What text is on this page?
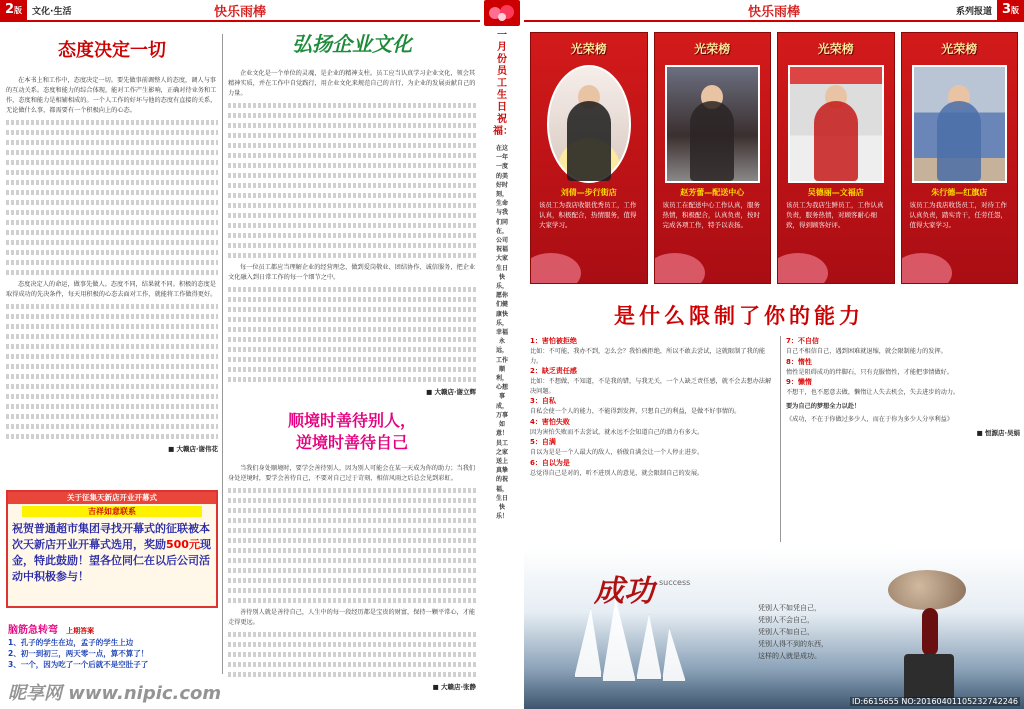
2版	文化·生活	快乐雨棒
态度决定一切

在本书上和工作中，态度决定一切。要先做事前调整人的态度，调人与事的互动关系。态度和能力的综合体现，能对工作产生影响，正确对待业务和工作，态度和能力是相辅相成的。一个人工作的好坏与他的态度有直接的关系，无论做什么事，都需要有一个积极向上的心态。

态度决定人的命运，做事先做人。态度不同，结果就不同。积极的态度是取得成功的先决条件，每天用积极的心态去面对工作，就能将工作做得更好。

■ 大赣店·谢伟花
弘扬企业文化

企业文化是一个单位的灵魂，是企业的精神支柱。员工应当认真学习企业文化，领会其精神实质，并在工作中自觉践行，用企业文化来规范自己的言行，为企业的发展贡献自己的力量。

每一位员工都应当理解企业的经营理念，做到爱岗敬业、团结协作、诚信服务，把企业文化融入到日常工作的每一个细节之中。

■ 大赣店·谢立辉
顺境时善待别人，
逆境时善待自己

当我们身处顺境时，要学会善待别人，因为别人可能会在某一天成为你的助力；当我们身处逆境时，要学会善待自己，不要对自己过于苛刻，相信风雨之后总会见到彩虹。

善待别人就是善待自己，人生中的每一段经历都是宝贵的财富，保持一颗平常心，才能走得更远。

■ 大赣店·张静
关于征集天新店开业开幕式
吉祥如意联系
祝贺普通超市集团寻找开幕式的征联被本次天新店开业开幕式选用，奖励500元现金，特此鼓励！望各位同仁在以后公司活动中积极参与！
脑筋急转弯 上期答案
1、孔子的学生在边，孟子的学生上边
2、初一到初三，两天零一点，算不算了！
3、一个，因为吃了一个后就不是空肚子了
昵享网 www.nipic.com
一月份员工生日祝福：
在这一年一度的美好时刻，生命与我们同在，公司祝福大家生日快乐，愿你们健康快乐，幸福永远，工作顺利，心想事成，万事如意！员工之家送上真挚的祝福，生日快乐！
快乐雨棒	系列报道 3版
光荣榜
刘倩—步行街店
该员工为我店收银优秀员工，工作认真，积极配合，热情服务，值得大家学习。
光荣榜
赵芳蕾—配送中心
该员工在配送中心工作认真，服务热情，积极配合，认真负责，按时完成各项工作，特予以表扬。
光荣榜
吴德丽—文福店
该员工为我店生鲜员工，工作认真负责，服务热情，对顾客耐心细致，得到顾客好评。
光荣榜
朱行德—红旗店
该员工为我店收货员工，对待工作认真负责，踏实肯干，任劳任怨，值得大家学习。
是什么限制了你的能力
1：害怕被拒绝
比如：不可能，我办不到，怎么会？我怕被拒绝，所以不敢去尝试，这就限制了我的能力。
2：缺乏责任感
比如：不想做，不知道，不是我的错，与我无关，一个人缺乏责任感，就不会去想办法解决问题。
3：自私
自私会使一个人的能力，不能得到发挥，只想自己的利益，是做不好事情的。
4：害怕失败
因为害怕失败而不去尝试，就永远不会知道自己的潜力有多大。
5：自满
自以为是是一个人最大的敌人，骄傲自满会让一个人停止进步。
6：自以为是
总觉得自己是对的，听不进别人的意见，就会限制自己的发展。
7：不自信
自己不相信自己，遇到困难就退缩，就会限制能力的发挥。
8：惰性
惰性是阻碍成功的绊脚石，只有克服惰性，才能把事情做好。
9：懒惰
不想干，也不愿意去做，懒惰让人失去机会，失去进步的动力。
要为自己的梦想全力以赴！
《成功，不在于你做过多少人，而在于你为多少人分享利益》
■ 恒源店·吴娟
成功 success
凭别人不如凭自己，
凭别人不会自己，
凭别人不如自己，
凭别人得不到的东西，
这样的人就是成功。
ID:6615655 NO:20160401105232742246
